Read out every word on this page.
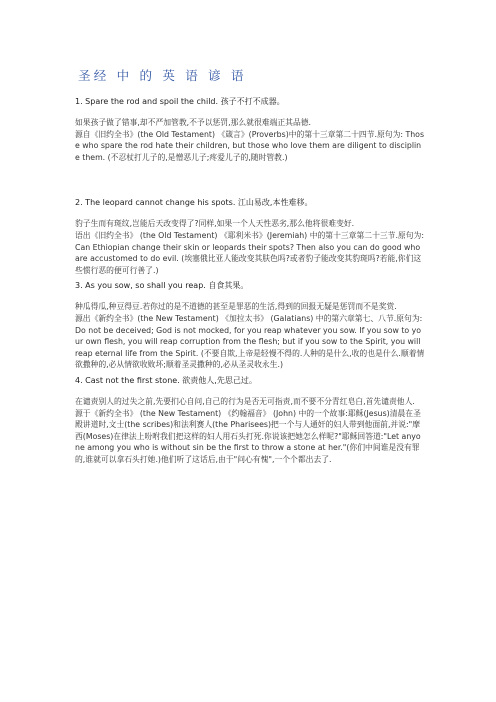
圣经 中 的 英 语 谚 语

1. Spare the rod and spoil the child. 孩子不打不成器。

如果孩子做了错事,却不严加管教,不予以惩罚,那么就很难端正其品德.

源自《旧约全书》(the Old Testament) 《箴言》(Proverbs)中的第十三章第二十四节.原句为: Those who spare the rod hate their children, but those who love them are diligent to discipline them. (不忍杖打儿子的,是憎恶儿子;疼爱儿子的,随时管教.)

2. The leopard cannot change his spots. 江山易改,本性难移。

豹子生而有斑纹,岂能后天改变得了?同样,如果一个人天性恶劣,那么他将很难变好.

语出《旧约全书》 (the Old Testament) 《耶利米书》(Jeremiah) 中的第十三章第二十三节.原句为: Can Ethiopian change their skin or leopards their spots? Then also you can do good who are accustomed to do evil. (埃塞俄比亚人能改变其肤色吗?或者豹子能改变其豹斑吗?若能,你们这些惯行恶的便可行善了.)

3. As you sow, so shall you reap. 自食其果。

种瓜得瓜,种豆得豆.若你过的是不道德的甚至是罪恶的生活,得到的回报无疑是惩罚而不是奖赏.

源出《新约全书》(the New Testament) 《加拉太书》 (Galatians) 中的第六章第七、八节.原句为:Do not be deceived; God is not mocked, for you reap whatever you sow. If you sow to your own flesh, you will reap corruption from the flesh; but if you sow to the Spirit, you will reap eternal life from the Spirit. (不要自欺,上帝是轻慢不得的.人种的是什么,收的也是什么.顺着情欲撒种的,必从情欲收败坏;顺着圣灵撒种的,必从圣灵收永生.)

4. Cast not the first stone. 欲责他人,先思己过。

在谴责别人的过失之前,先要扪心自问,自己的行为是否无可指责,而不要不分青红皂白,首先谴责他人.

源于《新约全书》 (the New Testament) 《约翰福音》 (John) 中的一个故事:耶稣(Jesus)清晨在圣殿讲道时,文士(the scribes)和法利赛人(the Pharisees)把一个与人通奸的妇人带到他面前,并说:"摩西(Moses)在律法上吩咐我们把这样的妇人用石头打死.你说该把她怎么样呢?"耶稣回答道:"Let anyone among you who is without sin be the first to throw a stone at her."(你们中间谁是没有罪的,谁就可以拿石头打她.)他们听了这话后,由于"问心有愧",一个个都出去了.
